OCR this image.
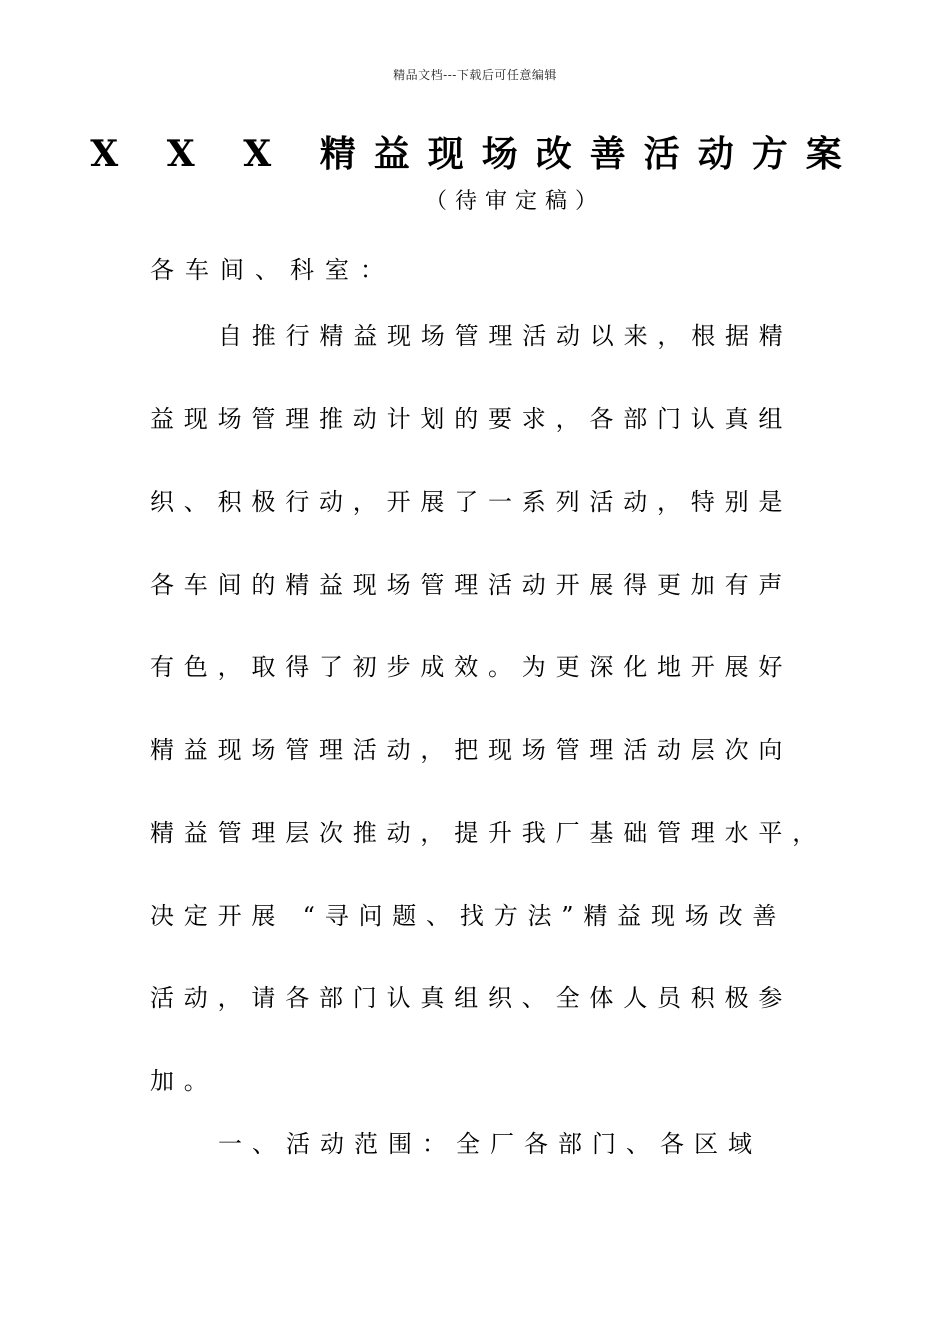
精品文档---下载后可任意编辑
X X X 精益现场改善活动方案
（待审定稿）
各车间、科室：
自推行精益现场管理活动以来，根据精
益现场管理推动计划的要求，各部门认真组
织、积极行动，开展了一系列活动，特别是
各车间的精益现场管理活动开展得更加有声
有色，取得了初步成效。为更深化地开展好
精益现场管理活动，把现场管理活动层次向
精益管理层次推动，提升我厂基础管理水平，
决定开展 “寻问题、找方法”精益现场改善
活动，请各部门认真组织、全体人员积极参
加。
一、活动范围：全厂各部门、各区域
